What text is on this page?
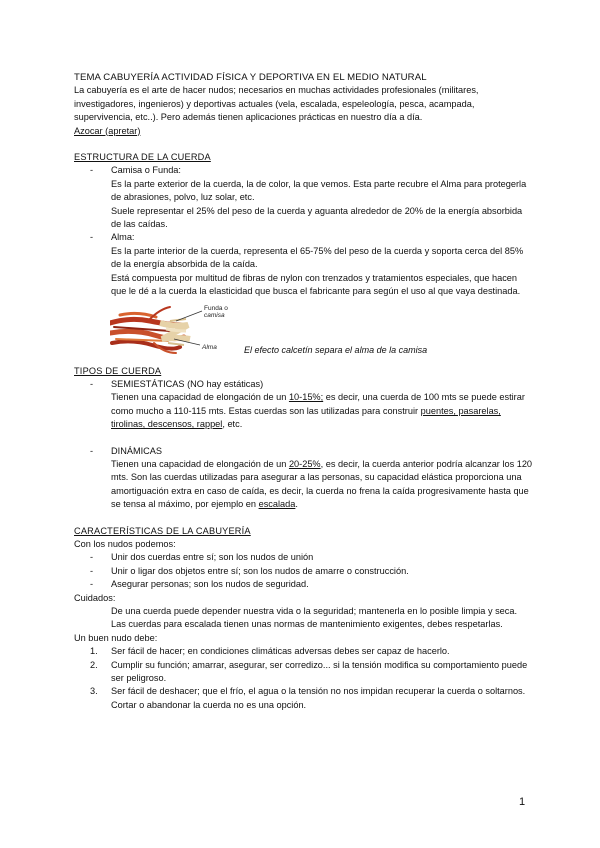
TEMA CABUYERÍA ACTIVIDAD FÍSICA Y DEPORTIVA EN EL MEDIO NATURAL

La cabuyería es el arte de hacer nudos; necesarios en muchas actividades profesionales (militares, investigadores, ingenieros) y deportivas actuales (vela, escalada, espeleología, pesca, acampada, supervivencia, etc..). Pero además tienen aplicaciones prácticas en nuestro día a día.

Azocar (apretar)

ESTRUCTURA DE LA CUERDA

- Camisa o Funda:

Es la parte exterior de la cuerda, la de color, la que vemos. Esta parte recubre el Alma para protegerla de abrasiones, polvo, luz solar, etc.

Suele representar el 25% del peso de la cuerda y aguanta alrededor de 20% de la energía absorbida de las caídas.

- Alma:

Es la parte interior de la cuerda, representa el 65-75% del peso de la cuerda y soporta cerca del 85% de la energía absorbida de la caída.

Está compuesta por multitud de fibras de nylon con trenzados y tratamientos especiales, que hacen que le dé a la cuerda la elasticidad que busca el fabricante para según el uso al que vaya destinada.

Funda o
camisa
Alma	El efecto calcetín separa el alma de la camisa

TIPOS DE CUERDA

- SEMIESTÁTICAS (NO hay estáticas)

Tienen una capacidad de elongación de un 10-15%; es decir, una cuerda de 100 mts se puede estirar como mucho a 110-115 mts. Estas cuerdas son las utilizadas para construir puentes, pasarelas, tirolinas, descensos, rappel, etc.

- DINÁMICAS

Tienen una capacidad de elongación de un 20-25%, es decir, la cuerda anterior podría alcanzar los 120 mts. Son las cuerdas utilizadas para asegurar a las personas, su capacidad elástica proporciona una amortiguación extra en caso de caída, es decir, la cuerda no frena la caída progresivamente hasta que se tensa al máximo, por ejemplo en escalada.

CARACTERÍSTICAS DE LA CABUYERÍA

Con los nudos podemos:

- Unir dos cuerdas entre sí; son los nudos de unión
- Unir o ligar dos objetos entre sí; son los nudos de amarre o construcción.
- Asegurar personas; son los nudos de seguridad.

Cuidados:

De una cuerda puede depender nuestra vida o la seguridad; mantenerla en lo posible limpia y seca. Las cuerdas para escalada tienen unas normas de mantenimiento exigentes, debes respetarlas.

Un buen nudo debe:

1. Ser fácil de hacer; en condiciones climáticas adversas debes ser capaz de hacerlo.
2. Cumplir su función; amarrar, asegurar, ser corredizo... si la tensión modifica su comportamiento puede ser peligroso.
3. Ser fácil de deshacer; que el frío, el agua o la tensión no nos impidan recuperar la cuerda o soltarnos. Cortar o abandonar la cuerda no es una opción.
1
